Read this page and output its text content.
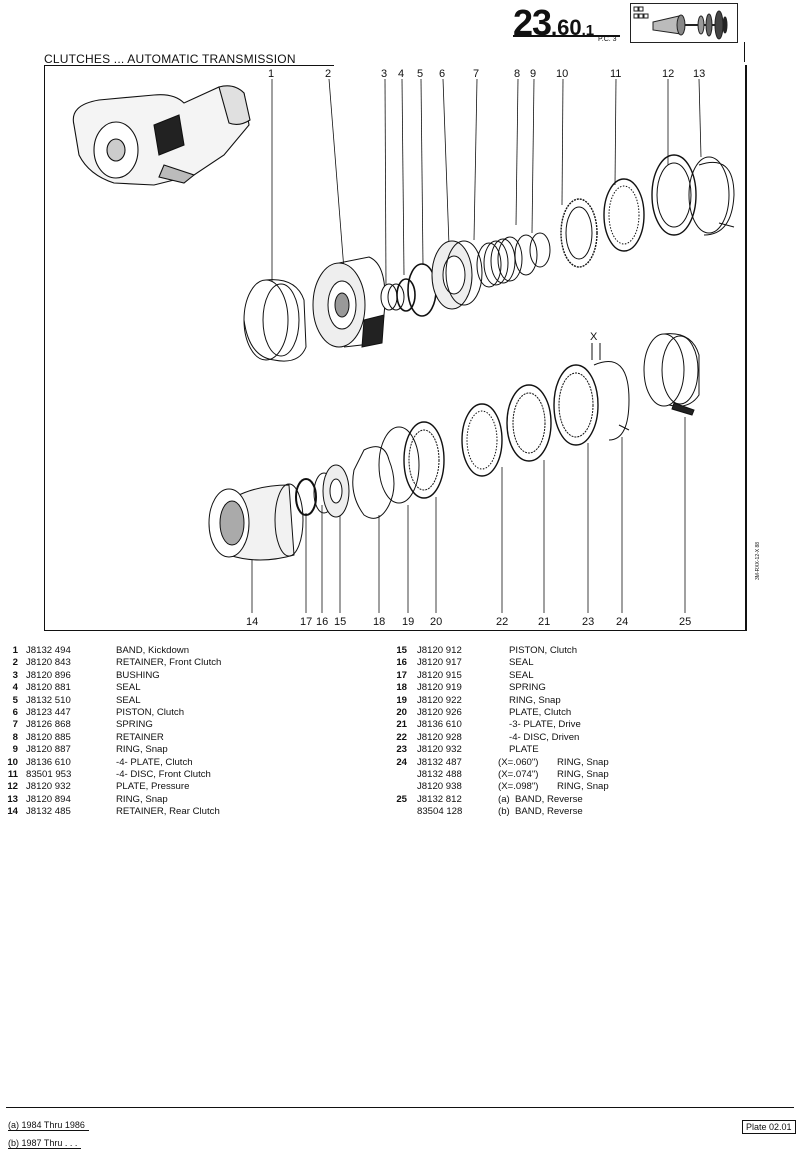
23.60.1
P.C. 3
CLUTCHES ... AUTOMATIC TRANSMISSION
3M-RXX-12-X 88
1	2	3 4 5 6	7	8 9 10	11	12 13
14	17 16 15 18 19 20	22	21	23 24	25
X
1 J8132 494	BAND, Kickdown
2 J8120 843	RETAINER, Front Clutch
3 J8120 896	BUSHING
4 J8120 881	SEAL
5 J8132 510	SEAL
6 J8123 447	PISTON, Clutch
7 J8126 868	SPRING
8 J8120 885	RETAINER
9 J8120 887	RING, Snap
10 J8136 610	-4- PLATE, Clutch
11 83501 953	-4- DISC, Front Clutch
12 J8120 932	PLATE, Pressure
13 J8120 894	RING, Snap
14 J8132 485	RETAINER, Rear Clutch
15 J8120 912	PISTON, Clutch
16 J8120 917	SEAL
17 J8120 915	SEAL
18 J8120 919	SPRING
19 J8120 922	RING, Snap
20 J8120 926	PLATE, Clutch
21 J8136 610	-3- PLATE, Drive
22 J8120 928	-4- DISC, Driven
23 J8120 932	PLATE
24 J8132 487	(X=.060") RING, Snap
J8132 488	(X=.074") RING, Snap
J8120 938	(X=.098") RING, Snap
25 J8132 812	(a) BAND, Reverse
83504 128	(b) BAND, Reverse
(a) 1984 Thru 1986
(b) 1987 Thru . . .
Plate 02.01
